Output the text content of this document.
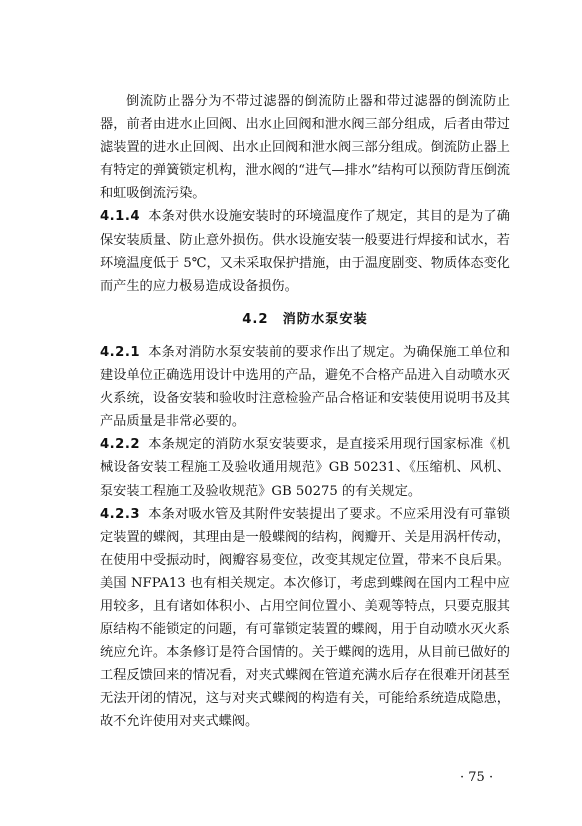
倒流防止器分为不带过滤器的倒流防止器和带过滤器的倒流防止器，前者由进水止回阀、出水止回阀和泄水阀三部分组成，后者由带过滤装置的进水止回阀、出水止回阀和泄水阀三部分组成。倒流防止器上有特定的弹簧锁定机构，泄水阀的“进气—排水”结构可以预防背压倒流和虹吸倒流污染。

4.1.4 本条对供水设施安装时的环境温度作了规定，其目的是为了确保安装质量、防止意外损伤。供水设施安装一般要进行焊接和试水，若环境温度低于 5℃，又未采取保护措施，由于温度剧变、物质体态变化而产生的应力极易造成设备损伤。

4.2 消防水泵安装

4.2.1 本条对消防水泵安装前的要求作出了规定。为确保施工单位和建设单位正确选用设计中选用的产品，避免不合格产品进入自动喷水灭火系统，设备安装和验收时注意检验产品合格证和安装使用说明书及其产品质量是非常必要的。

4.2.2 本条规定的消防水泵安装要求，是直接采用现行国家标准《机械设备安装工程施工及验收通用规范》GB 50231、《压缩机、风机、泵安装工程施工及验收规范》GB 50275 的有关规定。

4.2.3 本条对吸水管及其附件安装提出了要求。不应采用没有可靠锁定装置的蝶阀，其理由是一般蝶阀的结构，阀瓣开、关是用涡杆传动，在使用中受振动时，阀瓣容易变位，改变其规定位置，带来不良后果。美国 NFPA13 也有相关规定。本次修订，考虑到蝶阀在国内工程中应用较多，且有诸如体积小、占用空间位置小、美观等特点，只要克服其原结构不能锁定的问题，有可靠锁定装置的蝶阀，用于自动喷水灭火系统应允许。本条修订是符合国情的。关于蝶阀的选用，从目前已做好的工程反馈回来的情况看，对夹式蝶阀在管道充满水后存在很难开闭甚至无法开闭的情况，这与对夹式蝶阀的构造有关，可能给系统造成隐患，故不允许使用对夹式蝶阀。

· 75 ·
